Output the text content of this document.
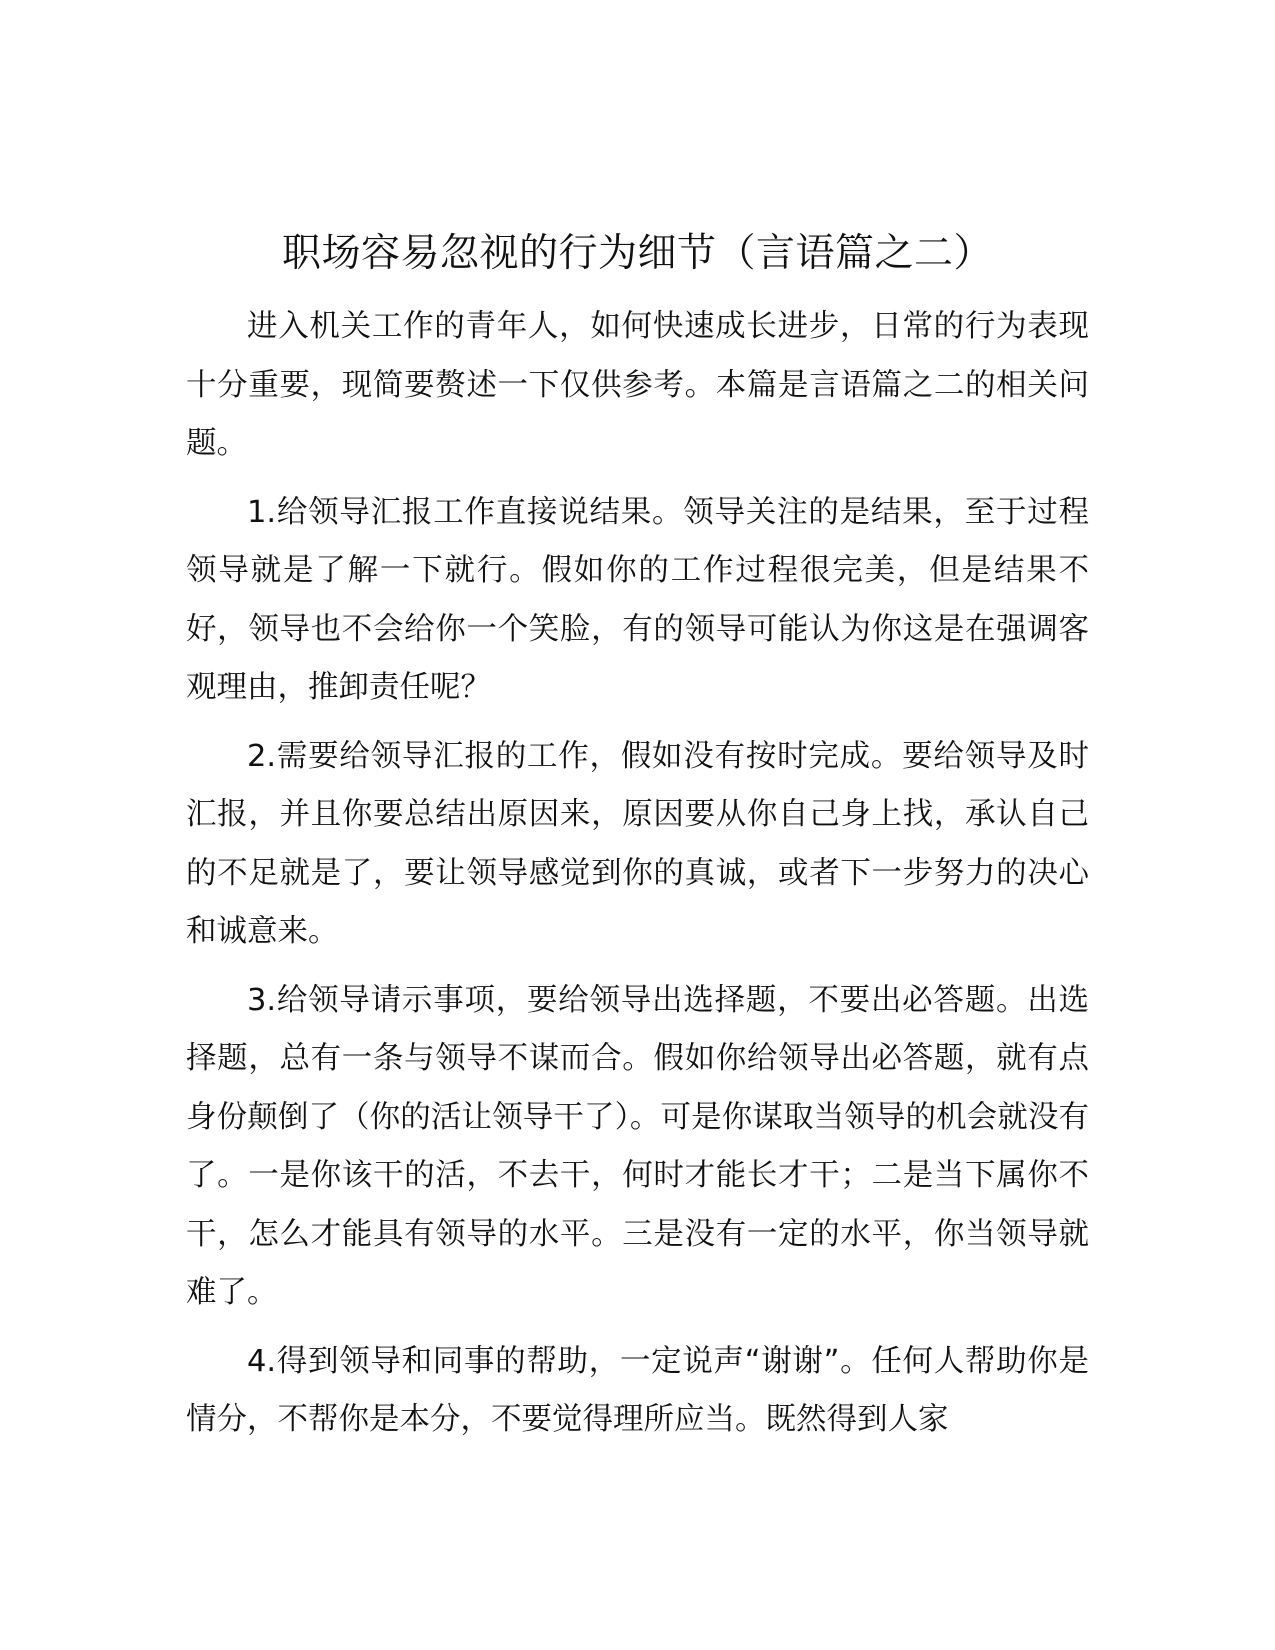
职场容易忽视的行为细节（言语篇之二）

进入机关工作的青年人，如何快速成长进步，日常的行为表现十分重要，现简要赘述一下仅供参考。本篇是言语篇之二的相关问题。

1.给领导汇报工作直接说结果。领导关注的是结果，至于过程领导就是了解一下就行。假如你的工作过程很完美，但是结果不好，领导也不会给你一个笑脸，有的领导可能认为你这是在强调客观理由，推卸责任呢？

2.需要给领导汇报的工作，假如没有按时完成。要给领导及时汇报，并且你要总结出原因来，原因要从你自己身上找，承认自己的不足就是了，要让领导感觉到你的真诚，或者下一步努力的决心和诚意来。

3.给领导请示事项，要给领导出选择题，不要出必答题。出选择题，总有一条与领导不谋而合。假如你给领导出必答题，就有点身份颠倒了（你的活让领导干了）。可是你谋取当领导的机会就没有了。一是你该干的活，不去干，何时才能长才干；二是当下属你不干，怎么才能具有领导的水平。三是没有一定的水平，你当领导就难了。

4.得到领导和同事的帮助，一定说声“谢谢”。任何人帮助你是情分，不帮你是本分，不要觉得理所应当。既然得到人家
